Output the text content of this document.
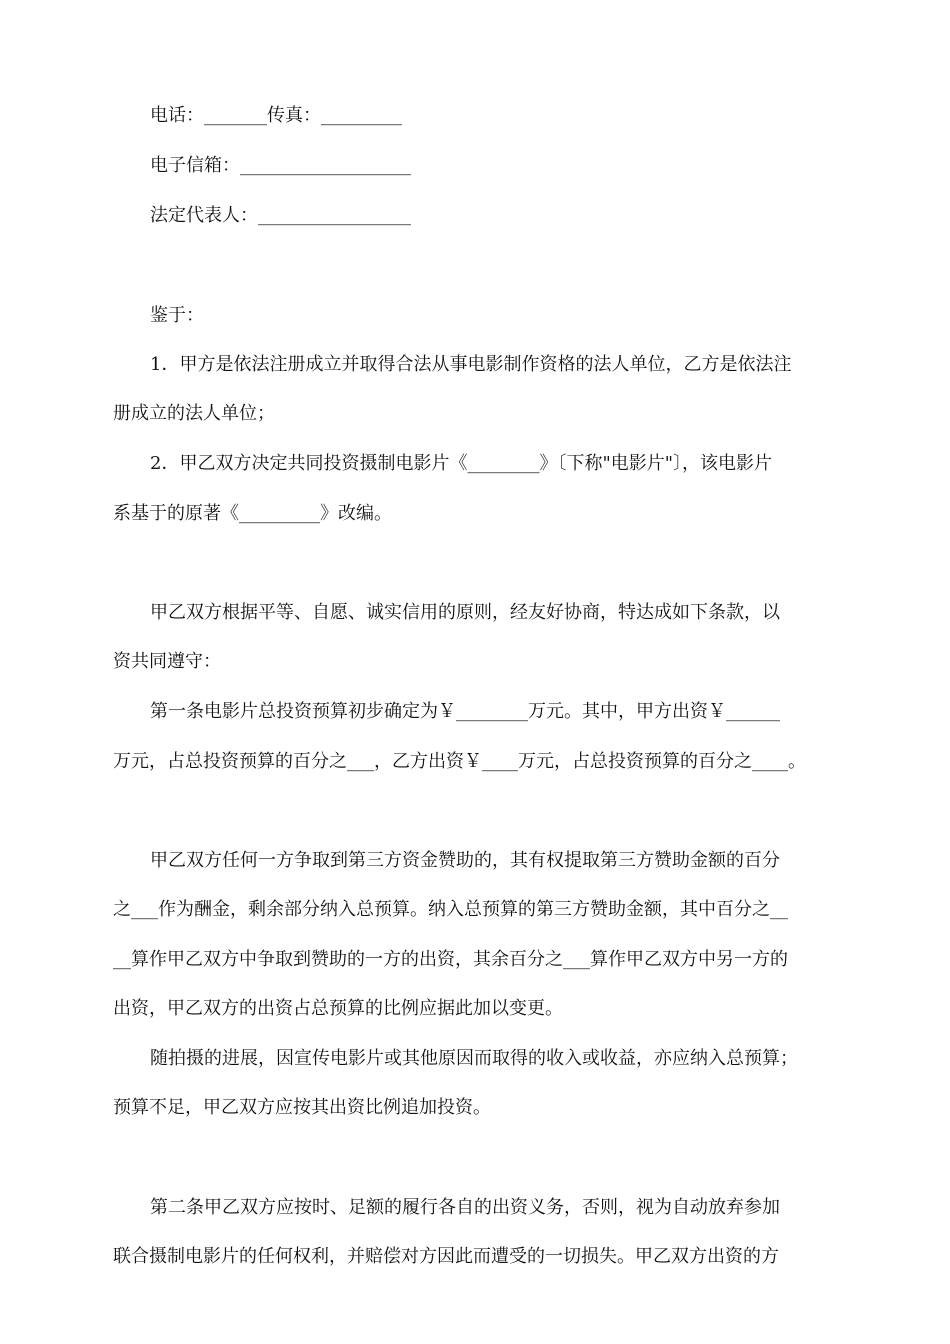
电话：_______传真：_________
电子信箱：___________________
法定代表人：_________________
鉴于：
1．甲方是依法注册成立并取得合法从事电影制作资格的法人单位，乙方是依法注
册成立的法人单位；
2．甲乙双方决定共同投资摄制电影片《________》〔下称"电影片"〕，该电影片
系基于的原著《_________》改编。
甲乙双方根据平等、自愿、诚实信用的原则，经友好协商，特达成如下条款，以
资共同遵守：
第一条电影片总投资预算初步确定为￥________万元。其中，甲方出资￥______
万元，占总投资预算的百分之___，乙方出资￥____万元，占总投资预算的百分之____。
甲乙双方任何一方争取到第三方资金赞助的，其有权提取第三方赞助金额的百分
之___作为酬金，剩余部分纳入总预算。纳入总预算的第三方赞助金额，其中百分之__
__算作甲乙双方中争取到赞助的一方的出资，其余百分之___算作甲乙双方中另一方的
出资，甲乙双方的出资占总预算的比例应据此加以变更。
随拍摄的进展，因宣传电影片或其他原因而取得的收入或收益，亦应纳入总预算；
预算不足，甲乙双方应按其出资比例追加投资。
第二条甲乙双方应按时、足额的履行各自的出资义务，否则，视为自动放弃参加
联合摄制电影片的任何权利，并赔偿对方因此而遭受的一切损失。甲乙双方出资的方
